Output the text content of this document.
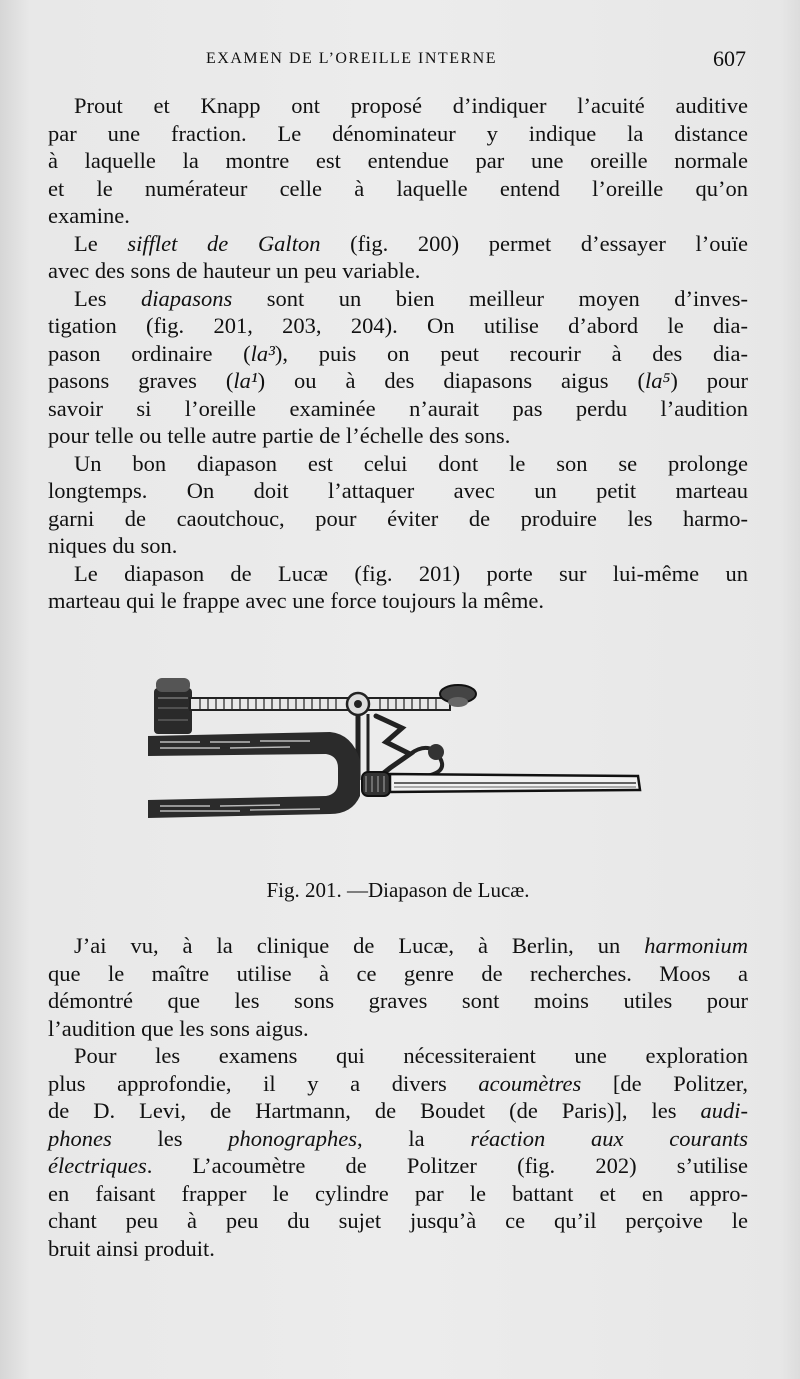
EXAMEN DE L’OREILLE INTERNE	607
Prout et Knapp ont proposé d’indiquer l’acuité auditive
par une fraction. Le dénominateur y indique la distance
à laquelle la montre est entendue par une oreille normale
et le numérateur celle à laquelle entend l’oreille qu’on
examine.
Le sifflet de Galton (fig. 200) permet d’essayer l’ouïe
avec des sons de hauteur un peu variable.
Les diapasons sont un bien meilleur moyen d’inves-
tigation (fig. 201, 203, 204). On utilise d’abord le dia-
pason ordinaire (la³), puis on peut recourir à des dia-
pasons graves (la¹) ou à des diapasons aigus (la⁵) pour
savoir si l’oreille examinée n’aurait pas perdu l’audition
pour telle ou telle autre partie de l’échelle des sons.
Un bon diapason est celui dont le son se prolonge
longtemps. On doit l’attaquer avec un petit marteau
garni de caoutchouc, pour éviter de produire les harmo-
niques du son.
Le diapason de Lucæ (fig. 201) porte sur lui-même un
marteau qui le frappe avec une force toujours la même.
Fig. 201. —Diapason de Lucæ.
J’ai vu, à la clinique de Lucæ, à Berlin, un harmonium
que le maître utilise à ce genre de recherches. Moos a
démontré que les sons graves sont moins utiles pour
l’audition que les sons aigus.
Pour les examens qui nécessiteraient une exploration
plus approfondie, il y a divers acoumètres [de Politzer,
de D. Levi, de Hartmann, de Boudet (de Paris)], les audi-
phones les phonographes, la réaction aux courants
électriques. L’acoumètre de Politzer (fig. 202) s’utilise
en faisant frapper le cylindre par le battant et en appro-
chant peu à peu du sujet jusqu’à ce qu’il perçoive le
bruit ainsi produit.
